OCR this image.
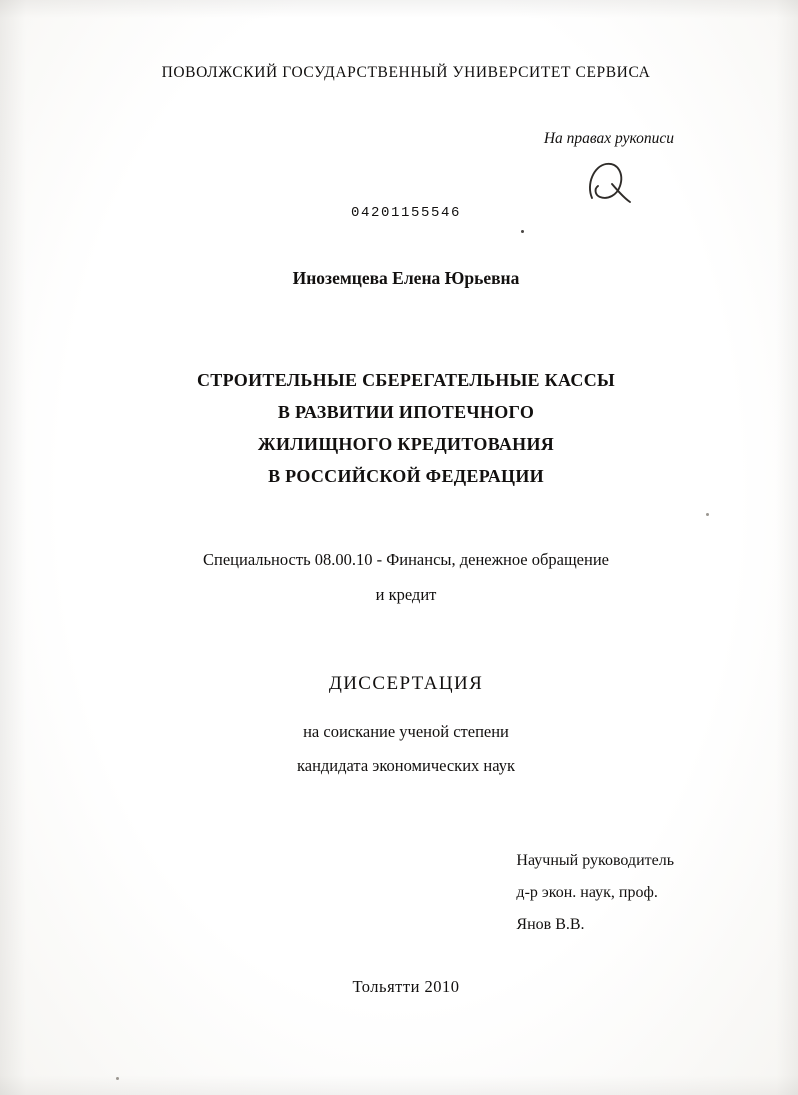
ПОВОЛЖСКИЙ ГОСУДАРСТВЕННЫЙ УНИВЕРСИТЕТ СЕРВИСА
На правах рукописи
04201155546
Иноземцева Елена Юрьевна
СТРОИТЕЛЬНЫЕ СБЕРЕГАТЕЛЬНЫЕ КАССЫ
В РАЗВИТИИ ИПОТЕЧНОГО
ЖИЛИЩНОГО КРЕДИТОВАНИЯ
В РОССИЙСКОЙ ФЕДЕРАЦИИ
Специальность 08.00.10 - Финансы, денежное обращение
и кредит
ДИССЕРТАЦИЯ
на соискание ученой степени
кандидата экономических наук
Научный руководитель
д-р экон. наук, проф.
Янов В.В.
Тольятти 2010
